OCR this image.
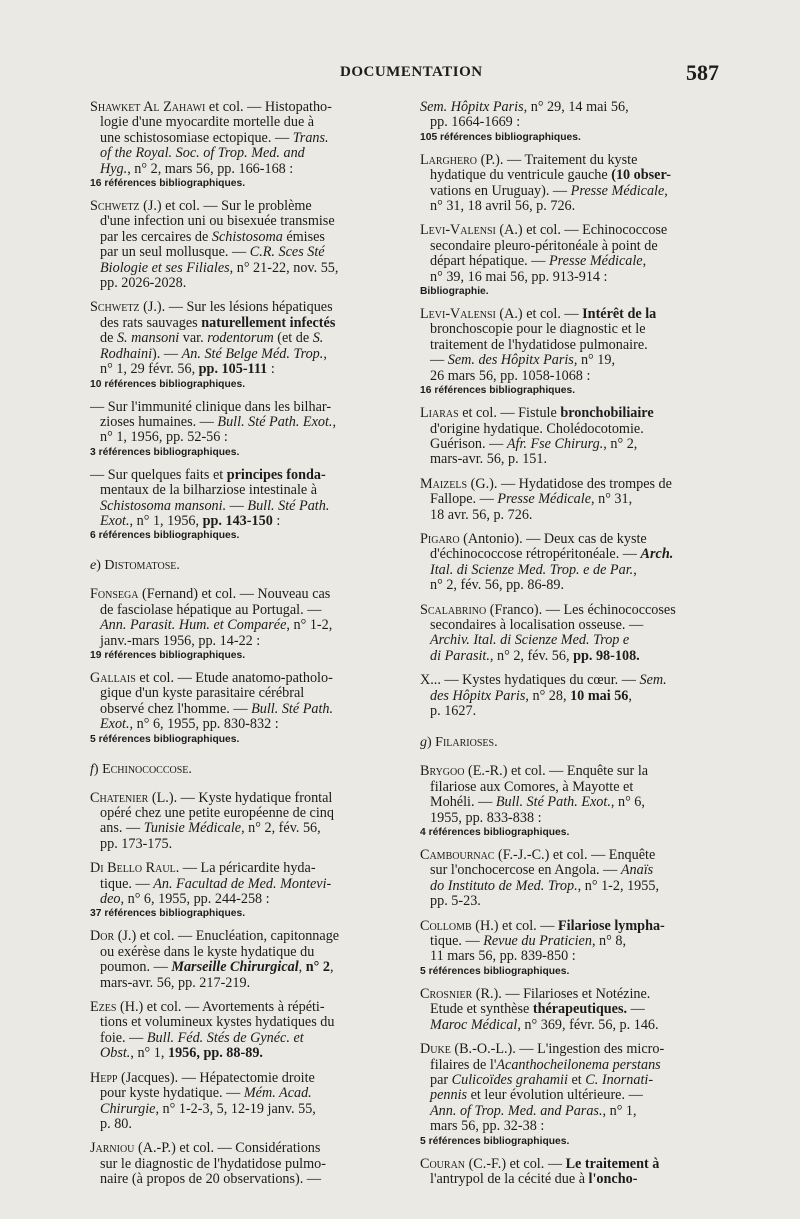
DOCUMENTATION	587

Shawket Al Zahawi et col. — Histopatho-

logie d'une myocardite mortelle due à

une schistosomiase ectopique. — Trans.

of the Royal. Soc. of Trop. Med. and

Hyg., n° 2, mars 56, pp. 166-168 :

16 références bibliographiques.

Schwetz (J.) et col. — Sur le problème

d'une infection uni ou bisexuée transmise

par les cercaires de Schistosoma émises

par un seul mollusque. — C.R. Sces Sté

Biologie et ses Filiales, n° 21-22, nov. 55,

pp. 2026-2028.

Schwetz (J.). — Sur les lésions hépatiques

des rats sauvages naturellement infectés

de S. mansoni var. rodentorum (et de S.

Rodhaini). — An. Sté Belge Méd. Trop.,

n° 1, 29 févr. 56, pp. 105-111 :

10 références bibliographiques.

— Sur l'immunité clinique dans les bilhar-

zioses humaines. — Bull. Sté Path. Exot.,

n° 1, 1956, pp. 52-56 :

3 références bibliographiques.

— Sur quelques faits et principes fonda-

mentaux de la bilharziose intestinale à

Schistosoma mansoni. — Bull. Sté Path.

Exot., n° 1, 1956, pp. 143-150 :

6 références bibliographiques.
e) Distomatose.

Fonsega (Fernand) et col. — Nouveau cas

de fasciolase hépatique au Portugal. —

Ann. Parasit. Hum. et Comparée, n° 1-2,

janv.-mars 1956, pp. 14-22 :

19 références bibliographiques.

Gallais et col. — Etude anatomo-patholo-

gique d'un kyste parasitaire cérébral

observé chez l'homme. — Bull. Sté Path.

Exot., n° 6, 1955, pp. 830-832 :

5 références bibliographiques.
f) Echinococcose.

Chatenier (L.). — Kyste hydatique frontal

opéré chez une petite européenne de cinq

ans. — Tunisie Médicale, n° 2, fév. 56,

pp. 173-175.

Di Bello Raul. — La péricardite hyda-

tique. — An. Facultad de Med. Montevi-

deo, n° 6, 1955, pp. 244-258 :

37 références bibliographiques.

Dor (J.) et col. — Enucléation, capitonnage

ou exérèse dans le kyste hydatique du

poumon. — Marseille Chirurgical, n° 2,

mars-avr. 56, pp. 217-219.

Ezes (H.) et col. — Avortements à répéti-

tions et volumineux kystes hydatiques du

foie. — Bull. Féd. Stés de Gynéc. et

Obst., n° 1, 1956, pp. 88-89.

Hepp (Jacques). — Hépatectomie droite

pour kyste hydatique. — Mém. Acad.

Chirurgie, n° 1-2-3, 5, 12-19 janv. 55,

p. 80.

Jarniou (A.-P.) et col. — Considérations

sur le diagnostic de l'hydatidose pulmo-

naire (à propos de 20 observations). —

Sem. Hôpitx Paris, n° 29, 14 mai 56,

pp. 1664-1669 :

105 références bibliographiques.

Larghero (P.). — Traitement du kyste

hydatique du ventricule gauche (10 obser-

vations en Uruguay). — Presse Médicale,

n° 31, 18 avril 56, p. 726.

Levi-Valensi (A.) et col. — Echinococcose

secondaire pleuro-péritonéale à point de

départ hépatique. — Presse Médicale,

n° 39, 16 mai 56, pp. 913-914 :

Bibliographie.

Levi-Valensi (A.) et col. — Intérêt de la

bronchoscopie pour le diagnostic et le

traitement de l'hydatidose pulmonaire.

— Sem. des Hôpitx Paris, n° 19,

26 mars 56, pp. 1058-1068 :

16 références bibliographiques.

Liaras et col. — Fistule bronchobiliaire

d'origine hydatique. Cholédocotomie.

Guérison. — Afr. Fse Chirurg., n° 2,

mars-avr. 56, p. 151.

Maizels (G.). — Hydatidose des trompes de

Fallope. — Presse Médicale, n° 31,

18 avr. 56, p. 726.

Pigaro (Antonio). — Deux cas de kyste

d'échinococcose rétropéritonéale. — Arch.

Ital. di Scienze Med. Trop. e de Par.,

n° 2, fév. 56, pp. 86-89.

Scalabrino (Franco). — Les échinococcoses

secondaires à localisation osseuse. —

Archiv. Ital. di Scienze Med. Trop e

di Parasit., n° 2, fév. 56, pp. 98-108.

X... — Kystes hydatiques du cœur. — Sem.

des Hôpitx Paris, n° 28, 10 mai 56,

p. 1627.

g) Filarioses.

Brygoo (E.-R.) et col. — Enquête sur la

filariose aux Comores, à Mayotte et

Mohéli. — Bull. Sté Path. Exot., n° 6,

1955, pp. 833-838 :

4 références bibliographiques.

Cambournac (F.-J.-C.) et col. — Enquête

sur l'onchocercose en Angola. — Anaïs

do Instituto de Med. Trop., n° 1-2, 1955,

pp. 5-23.

Collomb (H.) et col. — Filariose lympha-

tique. — Revue du Praticien, n° 8,

11 mars 56, pp. 839-850 :

5 références bibliographiques.

Crosnier (R.). — Filarioses et Notézine.

Etude et synthèse thérapeutiques. —

Maroc Médical, n° 369, févr. 56, p. 146.

Duke (B.-O.-L.). — L'ingestion des micro-

filaires de l'Acanthocheilonema perstans

par Culicoïdes grahamii et C. Inornati-

pennis et leur évolution ultérieure. —

Ann. of Trop. Med. and Paras., n° 1,

mars 56, pp. 32-38 :

5 références bibliographiques.

Couran (C.-F.) et col. — Le traitement à

l'antrypol de la cécité due à l'oncho-
